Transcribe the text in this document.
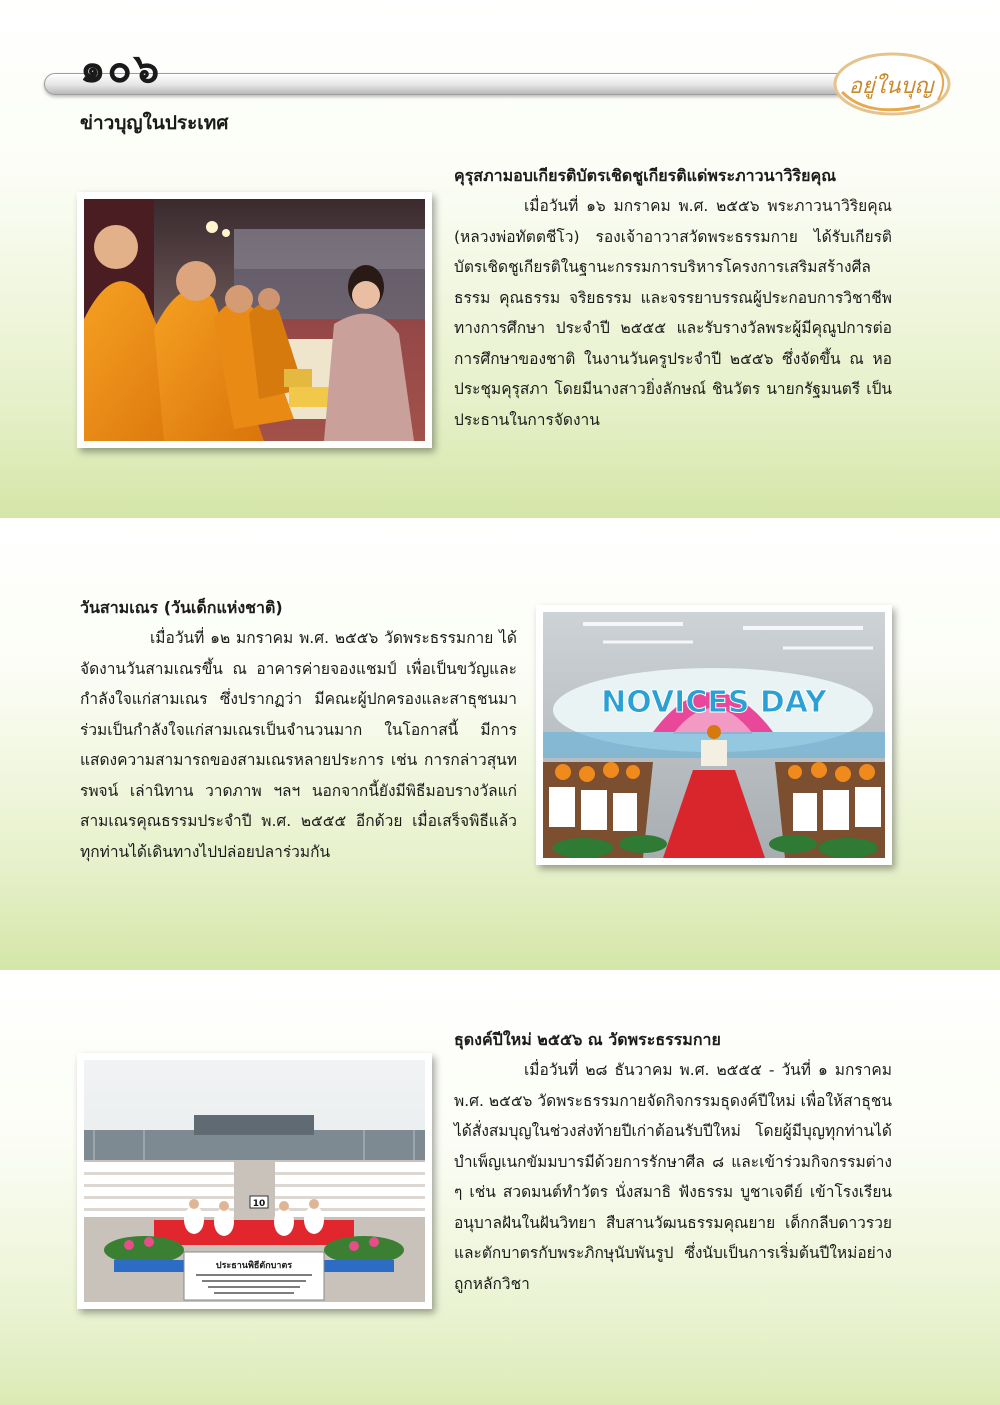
๑๐๖	อยู่ในบุญ
ข่าวบุญในประเทศ
คุรุสภามอบเกียรติบัตรเชิดชูเกียรติแด่พระภาวนาวิริยคุณ

เมื่อวันที่ ๑๖ มกราคม พ.ศ. ๒๕๕๖ พระภาวนาวิริยคุณ (หลวงพ่อทัตตชีโว) รองเจ้าอาวาสวัดพระธรรมกาย ได้รับเกียรติบัตรเชิดชูเกียรติในฐานะกรรมการบริหารโครงการเสริมสร้างศีลธรรม คุณธรรม จริยธรรม และจรรยาบรรณผู้ประกอบการวิชาชีพทางการศึกษา ประจำปี ๒๕๕๕ และรับรางวัลพระผู้มีคุณูปการต่อการศึกษาของชาติ ในงานวันครูประจำปี ๒๕๕๖ ซึ่งจัดขึ้น ณ หอประชุมคุรุสภา โดยมีนางสาวยิ่งลักษณ์ ชินวัตร นายกรัฐมนตรี เป็นประธานในการจัดงาน

วันสามเณร (วันเด็กแห่งชาติ)

เมื่อวันที่ ๑๒ มกราคม พ.ศ. ๒๕๕๖ วัดพระธรรมกาย ได้จัดงานวันสามเณรขึ้น ณ อาคารค่ายจองแชมป์ เพื่อเป็นขวัญและกำลังใจแก่สามเณร ซึ่งปรากฏว่า มีคณะผู้ปกครองและสาธุชนมาร่วมเป็นกำลังใจแก่สามเณรเป็นจำนวนมาก ในโอกาสนี้ มีการแสดงความสามารถของสามเณรหลายประการ เช่น การกล่าวสุนทรพจน์ เล่านิทาน วาดภาพ ฯลฯ นอกจากนี้ยังมีพิธีมอบรางวัลแก่สามเณรคุณธรรมประจำปี พ.ศ. ๒๕๕๕ อีกด้วย เมื่อเสร็จพิธีแล้วทุกท่านได้เดินทางไปปล่อยปลาร่วมกัน

NOVICES DAY
10
ประธานพิธีตักบาตร
ธุดงค์ปีใหม่ ๒๕๕๖ ณ วัดพระธรรมกาย

เมื่อวันที่ ๒๘ ธันวาคม พ.ศ. ๒๕๕๕ - วันที่ ๑ มกราคม พ.ศ. ๒๕๕๖ วัดพระธรรมกายจัดกิจกรรมธุดงค์ปีใหม่ เพื่อให้สาธุชนได้สั่งสมบุญในช่วงส่งท้ายปีเก่าต้อนรับปีใหม่ โดยผู้มีบุญทุกท่านได้บำเพ็ญเนกขัมมบารมีด้วยการรักษาศีล ๘ และเข้าร่วมกิจกรรมต่าง ๆ เช่น สวดมนต์ทำวัตร นั่งสมาธิ ฟังธรรม บูชาเจดีย์ เข้าโรงเรียนอนุบาลฝันในฝันวิทยา สืบสานวัฒนธรรมคุณยาย เด็กกลีบดาวรวย และตักบาตรกับพระภิกษุนับพันรูป ซึ่งนับเป็นการเริ่มต้นปีใหม่อย่างถูกหลักวิชา
